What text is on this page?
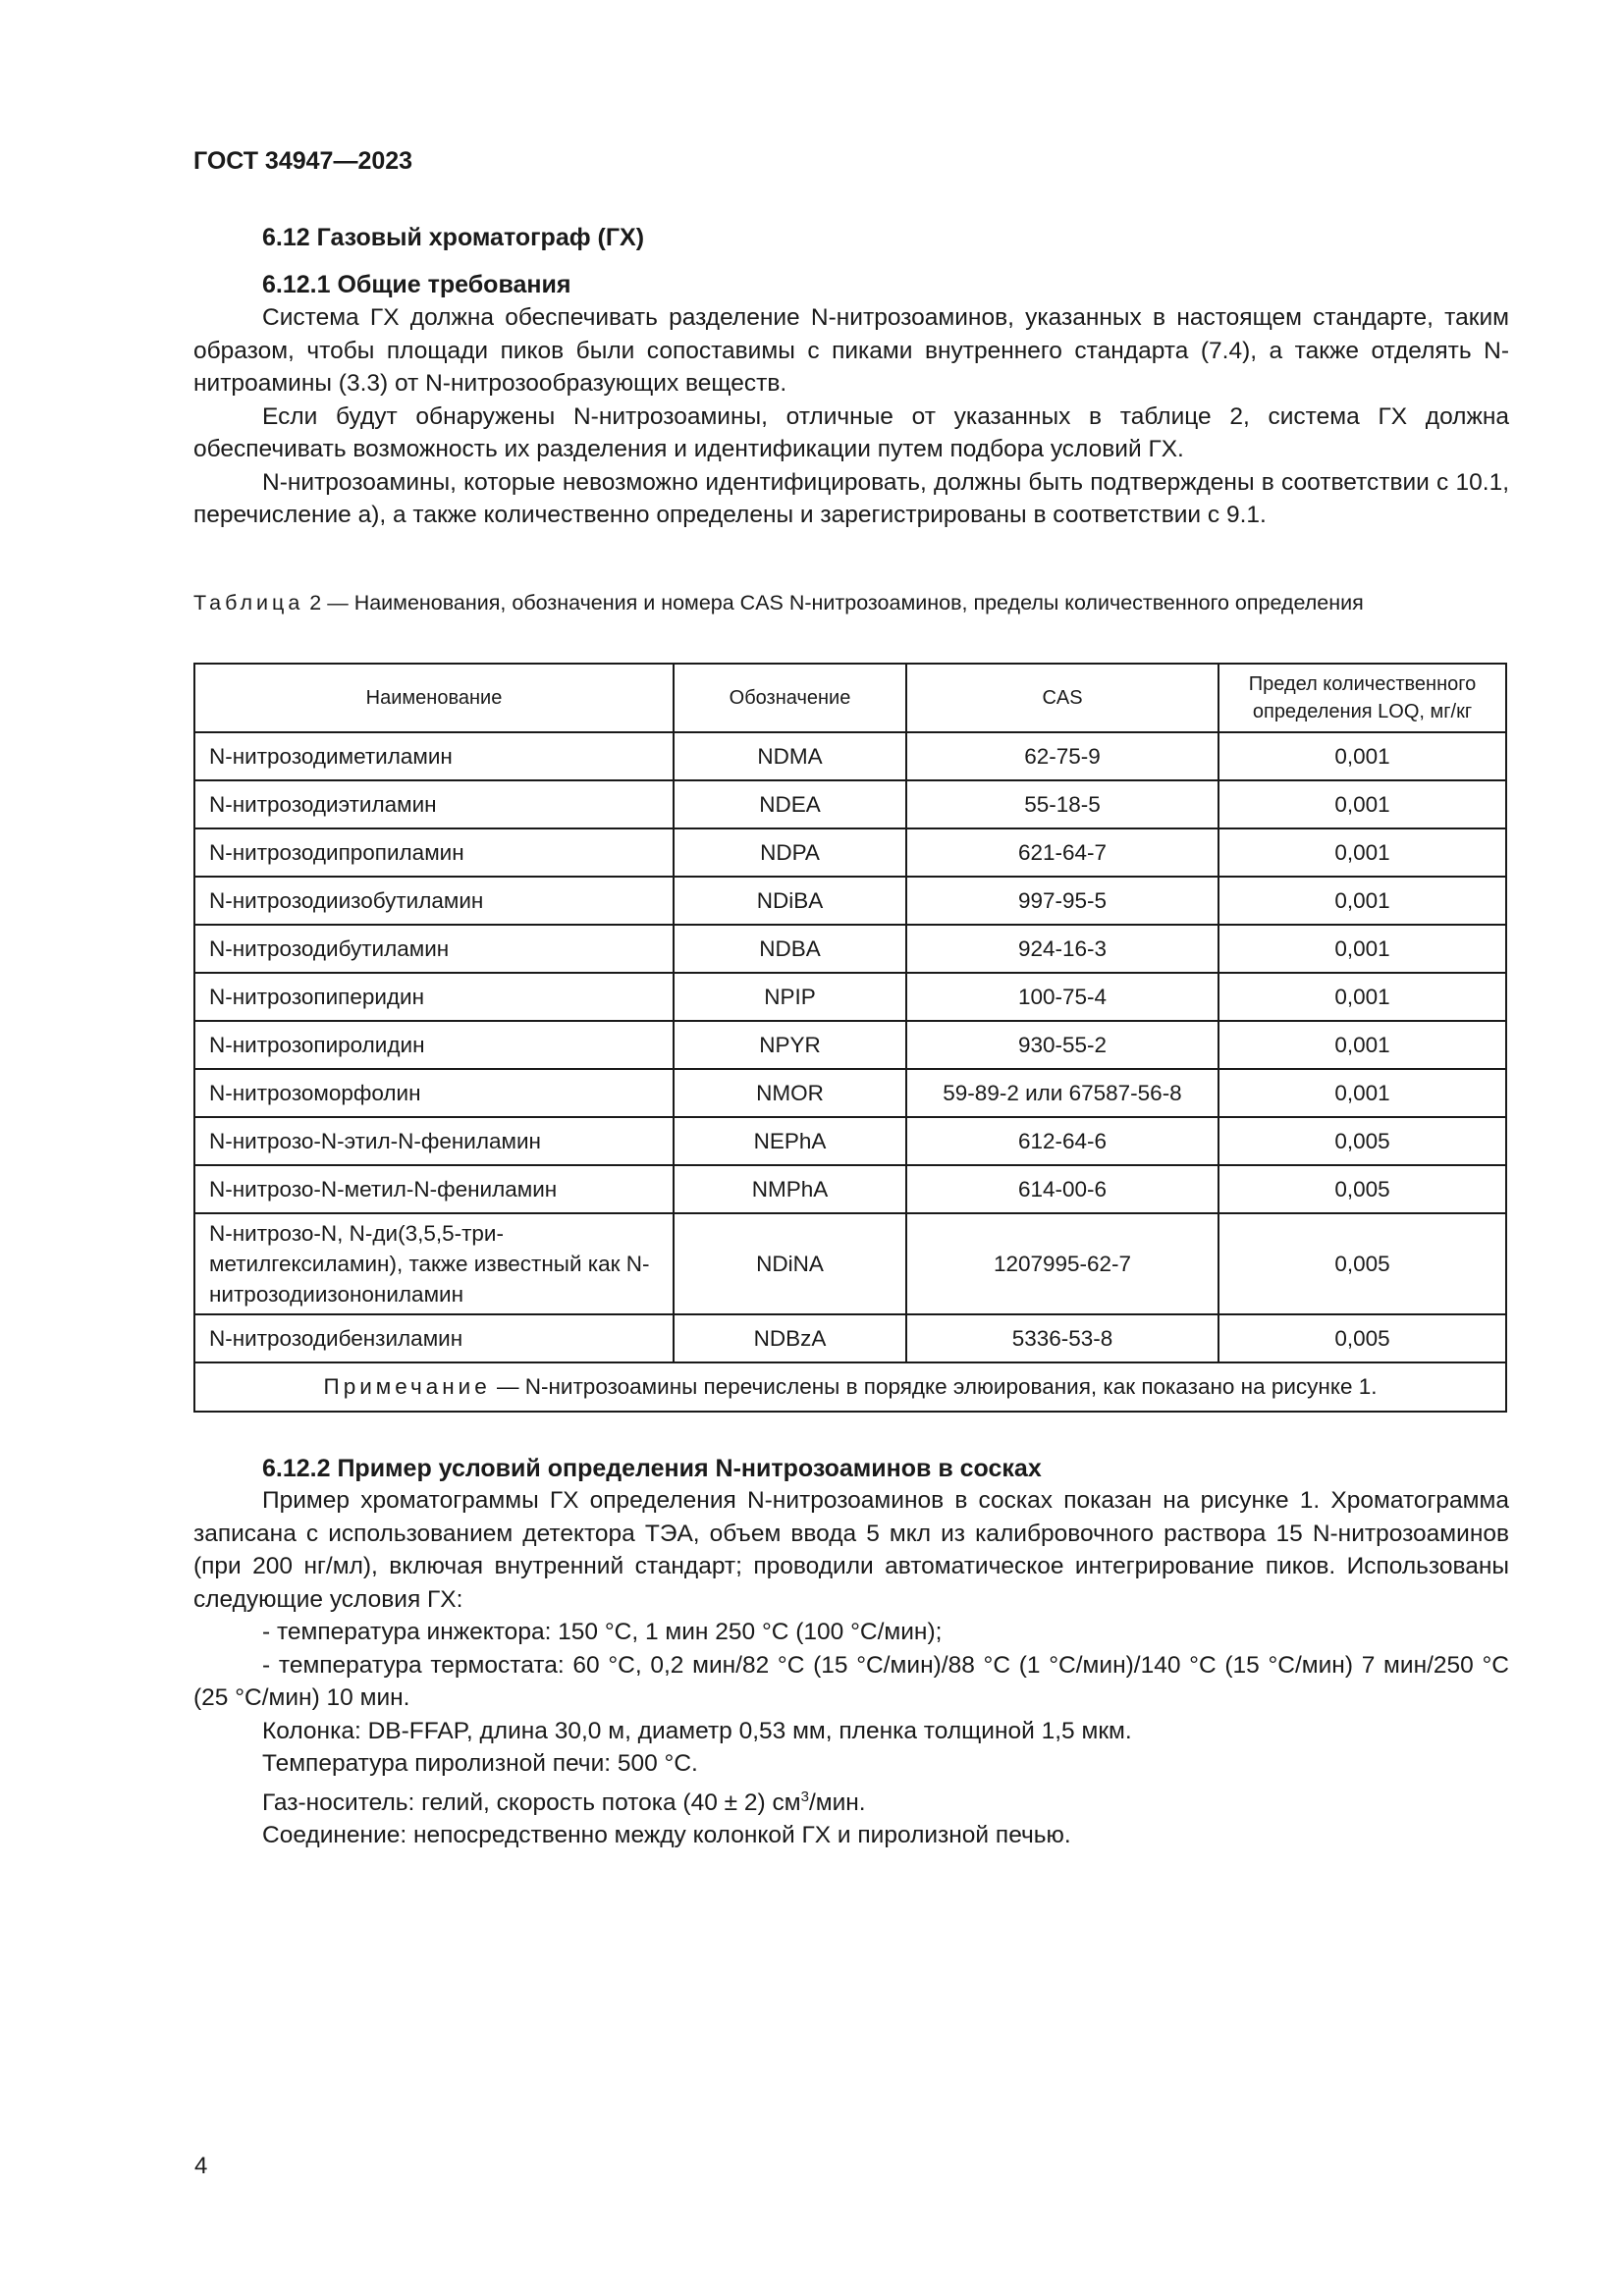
ГОСТ 34947—2023
6.12 Газовый хроматограф (ГХ)
6.12.1 Общие требования

Система ГХ должна обеспечивать разделение N-нитрозоаминов, указанных в настоящем стандарте, таким образом, чтобы площади пиков были сопоставимы с пиками внутреннего стандарта (7.4), а также отделять N-нитроамины (3.3) от N-нитрозообразующих веществ.

Если будут обнаружены N-нитрозоамины, отличные от указанных в таблице 2, система ГХ должна обеспечивать возможность их разделения и идентификации путем подбора условий ГХ.

N-нитрозоамины, которые невозможно идентифицировать, должны быть подтверждены в соответствии с 10.1, перечисление а), а также количественно определены и зарегистрированы в соответствии с 9.1.

Таблица 2 — Наименования, обозначения и номера CAS N-нитрозоаминов, пределы количественного определения
Наименование	Обозначение	CAS	Предел количественного определения LOQ, мг/кг
N-нитрозодиметиламин	NDMA	62-75-9	0,001
N-нитрозодиэтиламин	NDEA	55-18-5	0,001
N-нитрозодипропиламин	NDPA	621-64-7	0,001
N-нитрозодиизобутиламин	NDiBA	997-95-5	0,001
N-нитрозодибутиламин	NDBA	924-16-3	0,001
N-нитрозопиперидин	NPIP	100-75-4	0,001
N-нитрозопиролидин	NPYR	930-55-2	0,001
N-нитрозоморфолин	NMOR	59-89-2 или 67587-56-8	0,001
N-нитрозо-N-этил-N-фениламин	NEPhA	612-64-6	0,005
N-нитрозо-N-метил-N-фениламин	NMPhA	614-00-6	0,005
N-нитрозо-N, N-ди(3,5,5-три-метилгексиламин), также известный как N-нитрозодиизонониламин	NDiNA	1207995-62-7	0,005
N-нитрозодибензиламин	NDBzA	5336-53-8	0,005
Примечание — N-нитрозоамины перечислены в порядке элюирования, как показано на рисунке 1.			
6.12.2 Пример условий определения N-нитрозоаминов в сосках

Пример хроматограммы ГХ определения N-нитрозоаминов в сосках показан на рисунке 1. Хроматограмма записана с использованием детектора ТЭА, объем ввода 5 мкл из калибровочного раствора 15 N-нитрозоаминов (при 200 нг/мл), включая внутренний стандарт; проводили автоматическое интегрирование пиков. Использованы следующие условия ГХ:

- температура инжектора: 150 °С, 1 мин 250 °С (100 °С/мин);

- температура термостата: 60 °С, 0,2 мин/82 °С (15 °С/мин)/88 °С (1 °С/мин)/140 °С (15 °С/мин) 7 мин/250 °С (25 °С/мин) 10 мин.

Колонка: DB-FFAP, длина 30,0 м, диаметр 0,53 мм, пленка толщиной 1,5 мкм.

Температура пиролизной печи: 500 °С.

Газ-носитель: гелий, скорость потока (40 ± 2) $см^3$/мин.

Соединение: непосредственно между колонкой ГХ и пиролизной печью.

4
